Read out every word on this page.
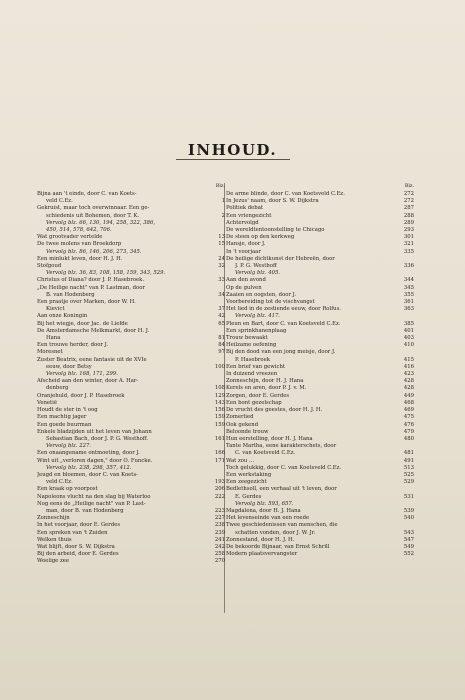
INHOUD.
Blz.
Bijna aan 't einde, door C. van Koets-
veld C.Ez.	1
Gekruist, maar toch overwinnaar. Een ge-
schiedenis uit Bohemen, door T. K.	2
Vervolg blz. 66, 130, 194, 258, 322, 386,
450, 514, 578, 642, 706.
Wat grootvader vertelde	13
De twee molens van Broekdorp	15
Vervolg blz. 86, 146, 206, 273, 345.
Een minlukt leven, door H. J. H.	24
Stofgoud	32
Vervolg blz. 36, 83, 108, 158, 159, 343, 529.
Christus of Diana? door J. P. Hasebroek.	33
„De Heilige nacht" van P. Lastman, door
B. van Hodenberg	34
Een praatje over Marken, door W. H.
Kievict	37
Aan onze Koningin	42
Bij het wiegje, door Jac. de Liefde	65
De Amsterdamsche Melkmarkt, door H. J.
Hana	81
Een trouwe herder, door J.	84
Moresnet	97
Zuster Beatrix, eene fantasie uit de XVIe
eeuw, door Betsy	100
Vervolg blz. 168, 171, 299.
Afscheid aan den winter, door A. Har-
denberg	108
Oranjehuld, door J. P. Hasebroek	129
Venetië	143
Houdt de ster in 't oog	156
Een machtig jager	159
Een goede buurman	159
Enkele bladzijden uit het leven van Johann
Sebastian Bach, door J. P. G. Westhoff.	161
Vervolg blz. 227.
Een onaangename ontmoeting, door J.	166
Wint uit „verloren dagen," door O. Funcke.	171
Vervolg blz. 238, 298, 357, 412.
Jeugd en bloemen, door C. van Koets-
veld C.Ez.	193
Een kraak op voorpost	206
Napoleons vlucht na den slag bij Waterloo	222
Nog eens de „Heilige nacht" van P. Last-
man, door B. van Hodenberg	223
Zonneschijn	227
In het voorjaar, door E. Gerdes	238
Een spreken van 't Zuiden	239
Welken thuis	241
Wat blijft, door S. W. Dijkstra	242
Bij den arbeid, door E. Gerdes	258
Woelige zee	270
Blz.
De arme blinde, door C. van Koetsveld C.Ez.	272
In Jezus' naam, door S. W. Dijkstra	272
Politiek debat	287
Een vriengezicht	288
Achtervolgd	289
De wereldtentoonstelling te Chicago	293
De steen op den kerkweg	301
Hansje, door J.	321
In 't voorjaar	335
De heilige dichtkunst der Hebreën, door
J. P. G. Westhoff	336
Vervolg blz. 405.
Aan den avond	344
Op de gulven	345
Zaaien en oogsten, door J.	355
Voorbereiding tot de vischvangst	361
Het lied in de zestiende eeuw, door Rolfus.	363
Vervolg blz. 417.
Pleun en Bart, door C. van Koetsveld C.Ez.	385
Een sprinkhanenplaag	401
Trouw bewaakt	403
Heilzame oefening	410
Bij den dood van een jong meisje, door J.
P. Hasebroek	415
Een brief van gewicht	416
In duizend vreezen	423
Zonneschijn, door H. J. Hana	428
Kerels en aren, door P. J. v. M.	428
Zorgen, door E. Gerdes	449
Een bont gezelschap	468
De vrucht des geestes, door H. J. H.	469
Zomerlied	475
Ook gekend	476
Beloonde trouw	479
Hun eerstelling, door H. J. Hana	480
Tante Martha, eene karakterschets, door
C. van Koetsveld C.Ez.	481
Wat zou ...	491
Toch gelukkig, door C. van Koetsveld C.Ez.	513
Een werkstaking	525
Een zeegezicht	529
Bedlethsoll, een verhaal uit 't leven, door
E. Gerdes	531
Vervolg blz. 593, 657.
Magdalena, door H. J. Hana	539
Het levenseinde van een roede	540
Twee geschiedenissen van menschen, die
schatten vonden, door J. W. Jr.	543
Zonnestand, door H. J. H.	547
De bekoorde Bijnaar, van Ernst Schrill	549
Modern plaatsvervangster	552
